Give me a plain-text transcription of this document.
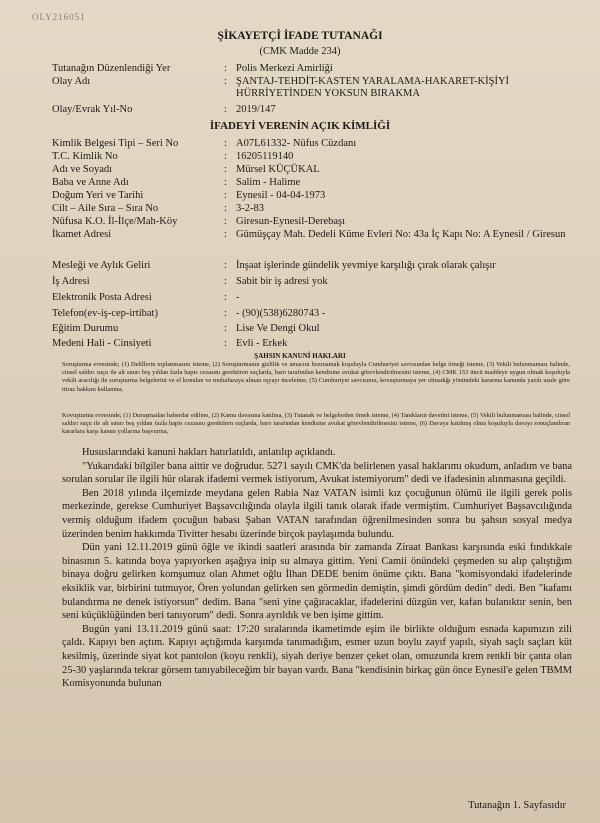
OLY216051
ŞİKAYETÇİ İFADE TUTANAĞI
(CMK Madde 234)
Tutanağın Düzenlendiği Yer	: Polis Merkezi Amirliği
Olay Adı	: ŞANTAJ-TEHDİT-KASTEN YARALAMA-HAKARET-KİŞİYİ HÜRRİYETİNDEN YOKSUN BIRAKMA
Olay/Evrak Yıl-No	: 2019/147
İFADEYİ VERENİN AÇIK KİMLİĞİ
Kimlik Belgesi Tipi – Seri No	: A07L61332- Nüfus Cüzdanı
T.C. Kimlik No	: 16205119140
Adı ve Soyadı	: Mürsel KÜÇÜKAL
Baba ve Anne Adı	: Salim - Halime
Doğum Yeri ve Tarihi	: Eynesil - 04-04-1973
Cilt – Aile Sıra – Sıra No	: 3-2-83
Nüfusa K.O. İl-İlçe/Mah-Köy	: Giresun-Eynesil-Derebaşı
İkamet Adresi	: Gümüşçay Mah. Dedeli Küme Evleri No: 43a İç Kapı No: A Eynesil / Giresun
Mesleği ve Aylık Geliri	: İnşaat işlerinde gündelik yevmiye karşılığı çırak olarak çalışır
İş Adresi	: Sabit bir iş adresi yok
Elektronik Posta Adresi	: -
Telefon(ev-iş-cep-irtibat)	: - (90)(538)6280743 -
Eğitim Durumu	: Lise Ve Dengi Okul
Medeni Hali - Cinsiyeti	: Evli - Erkek
ŞAHSIN KANUNİ HAKLARI
Soruşturma evresinde; (1) Delillerin toplanmasını isteme, (2) Soruşturmanın gizlilik ve amacını bozmamak koşuluyla Cumhuriyet savcısından belge örneği isteme, (3) Vekili bulunmaması halinde, cinsel saldırı suçu ile alt sınırı beş yıldan fazla hapis cezasını gerektiren suçlarda, baro tarafından kendisine avukat görevlendirilmesini isteme, (4) CMK 153 üncü maddeye uygun olmak koşuluyla vekili aracılığı ile soruşturma belgelerini ve el konulan ve muhafazaya alınan eşyayı inceletme, (5) Cumhuriyet savcısının, kovuşturmaya yer olmadığı yönündeki kararına kanunda yazılı usule göre itiraz hakkını kullanma;
Kovuşturma evresinde; (1) Duruşmadan haberdar edilme, (2) Kamu davasına katılma, (3) Tutanak ve belgelerden örnek isteme, (4) Tanıkların davetini isteme, (5) Vekili bulunmaması halinde, cinsel saldırı suçu ile alt sınırı beş yıldan fazla hapis cezasını gerektiren suçlarda, baro tarafından kendisine avukat görevlendirilmesini isteme, (6) Davaya katılmış olma koşuluyla davayı sonuçlandıran kararlara karşı kanun yollarına başvurma,

Hususlarındaki kanuni hakları hatırlatıldı, anlatılıp açıklandı.

"Yukarıdaki bilgiler bana aittir ve doğrudur. 5271 sayılı CMK'da belirlenen yasal haklarımı okudum, anladım ve bana sorulan sorular ile ilgili hür olarak ifademi vermek istiyorum, Avukat istemiyorum" dedi ve ifadesinin alınmasına geçildi.

Ben 2018 yılında ilçemizde meydana gelen Rabia Naz VATAN isimli kız çocuğunun ölümü ile ilgili gerek polis merkezinde, gerekse Cumhuriyet Başsavcılığında olayla ilgili tanık olarak ifade vermiştim. Cumhuriyet Başsavcılığında vermiş olduğum ifadem çocuğun babası Şaban VATAN tarafından öğrenilmesinden sonra bu şahsın sosyal medya üzerinden benim hakkımda Tivitter hesabı üzerinde birçok paylaşımda bulundu.

Dün yani 12.11.2019 günü öğle ve ikindi saatleri arasında bir zamanda Ziraat Bankası karşısında eski fındıkkale binasının 5. katında boya yapıyorken aşağıya inip su almaya gittim. Yeni Camii önündeki çeşmeden su alıp çalıştığım binaya doğru gelirken komşumuz olan Ahmet oğlu İlhan DEDE benim önüme çıktı. Bana "komisyondaki ifadelerinde eksiklik var, birbirini tutmuyor, Ören yolundan gelirken sen görmedin demiştin, şimdi gördüm dedin" dedi. Ben "kafamı bulandırma ne denek istiyorsun" dedim. Bana "seni yine çağıracaklar, ifadelerini düzgün ver, kafan bulanıktır senin, ben seni küçüklüğünden beri tanıyorum" dedi. Sonra ayrıldık ve ben işime gittim.

Bugün yani 13.11.2019 günü saat: 17:20 sıralarında ikametimde eşim ile birlikte olduğum esnada kapımızın zili çaldı. Kapıyı ben açtım. Kapıyı açtığımda karşımda tanımadığım, esmer uzun boylu zayıf yapılı, siyah saçlı saçları küt kesilmiş, üzerinde siyat kot pantolon (koyu renkli), siyah deriye benzer çeket olan, omuzunda krem renkli bir çanta olan 25-30 yaşlarında tekrar görsem tanıyabileceğim bir bayan vardı. Bana "kendisinin birkaç gün önce Eynesil'e gelen TBMM Komisyonunda bulunan

Tutanağın 1. Sayfasıdır
